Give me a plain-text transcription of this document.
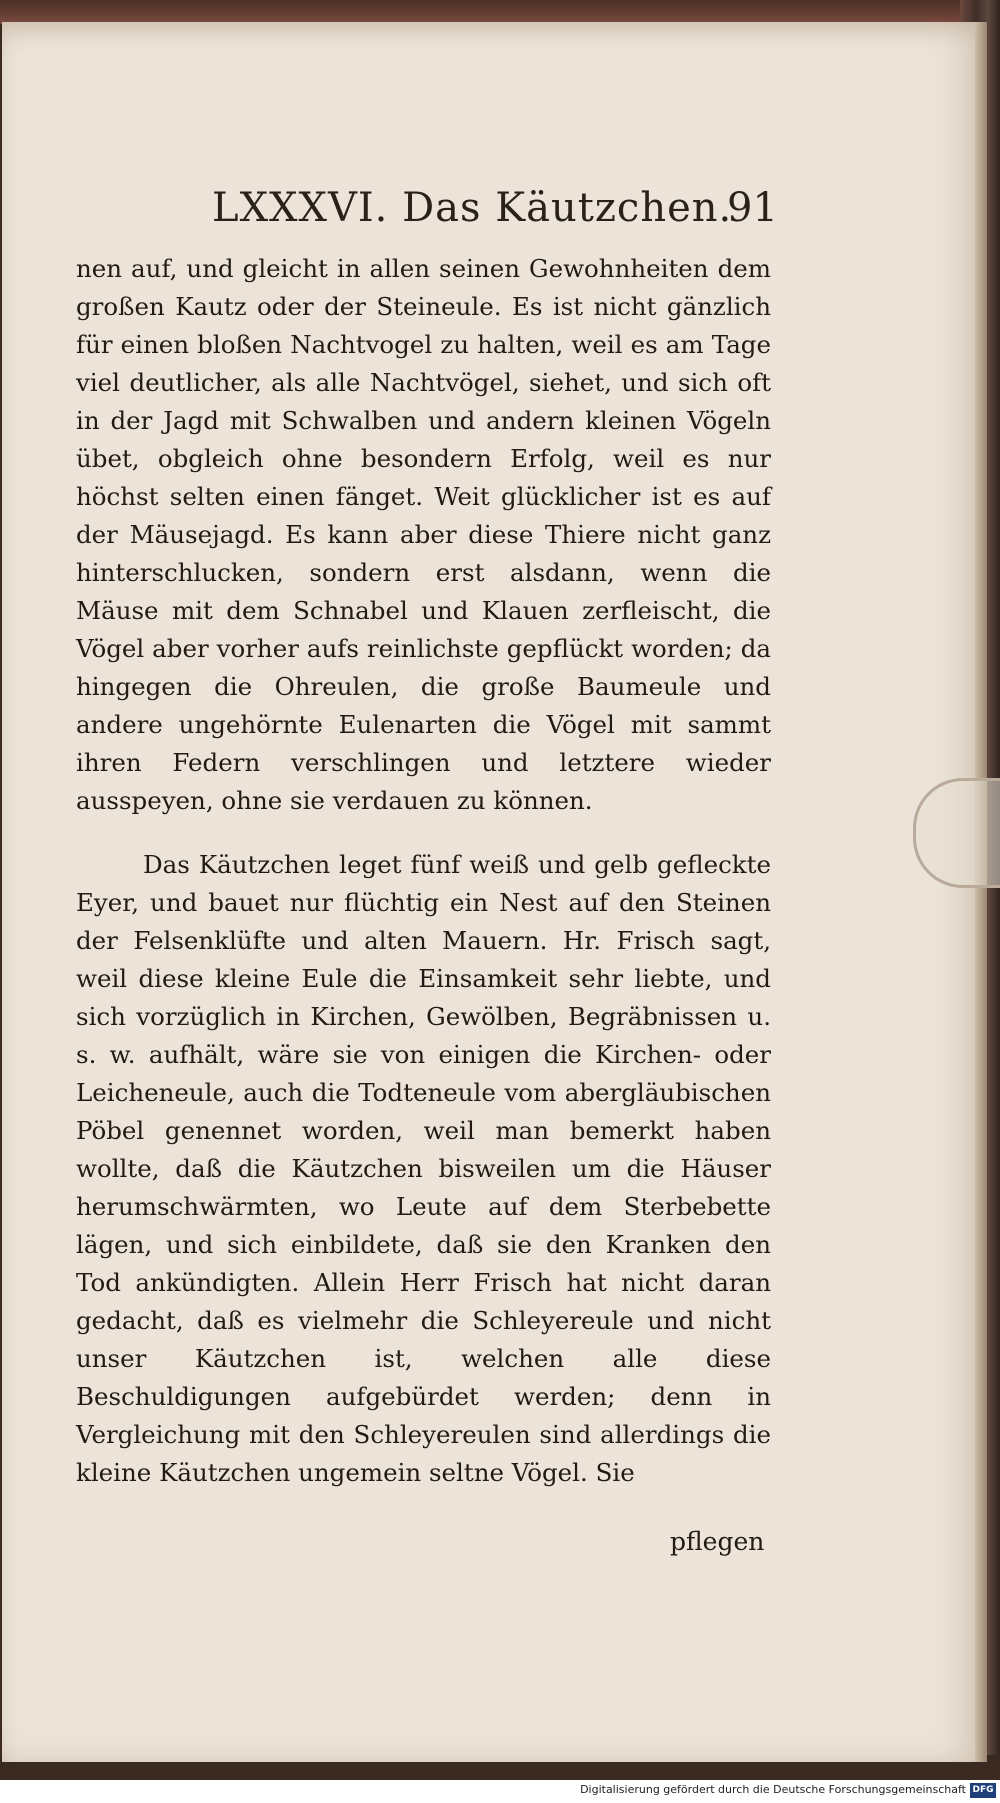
LXXXVI. Das Käutzchen.
91

nen auf, und gleicht in allen seinen Gewohnheiten dem großen Kautz oder der Steineule. Es ist nicht gänzlich für einen bloßen Nachtvogel zu halten, weil es am Tage viel deutlicher, als alle Nachtvögel, siehet, und sich oft in der Jagd mit Schwalben und andern kleinen Vögeln übet, obgleich ohne besondern Erfolg, weil es nur höchst selten einen fänget. Weit glücklicher ist es auf der Mäusejagd. Es kann aber diese Thiere nicht ganz hinterschlucken, sondern erst alsdann, wenn die Mäuse mit dem Schnabel und Klauen zerfleischt, die Vögel aber vorher aufs reinlichste gepflückt worden; da hingegen die Ohreulen, die große Baumeule und andere ungehörnte Eulenarten die Vögel mit sammt ihren Federn verschlingen und letztere wieder ausspeyen, ohne sie verdauen zu können.

Das Käutzchen leget fünf weiß und gelb gefleckte Eyer, und bauet nur flüchtig ein Nest auf den Steinen der Felsenklüfte und alten Mauern. Hr. Frisch sagt, weil diese kleine Eule die Einsamkeit sehr liebte, und sich vorzüglich in Kirchen, Gewölben, Begräbnissen u. s. w. aufhält, wäre sie von einigen die Kirchen- oder Leicheneule, auch die Todteneule vom abergläubischen Pöbel genennet worden, weil man bemerkt haben wollte, daß die Käutzchen bisweilen um die Häuser herumschwärmten, wo Leute auf dem Sterbebette lägen, und sich einbildete, daß sie den Kranken den Tod ankündigten. Allein Herr Frisch hat nicht daran gedacht, daß es vielmehr die Schleyereule und nicht unser Käutzchen ist, welchen alle diese Beschuldigungen aufgebürdet werden; denn in Vergleichung mit den Schleyereulen sind allerdings die kleine Käutzchen ungemein seltne Vögel. Sie

pflegen
Digitalisierung gefördert durch die Deutsche Forschungsgemeinschaft DFG
